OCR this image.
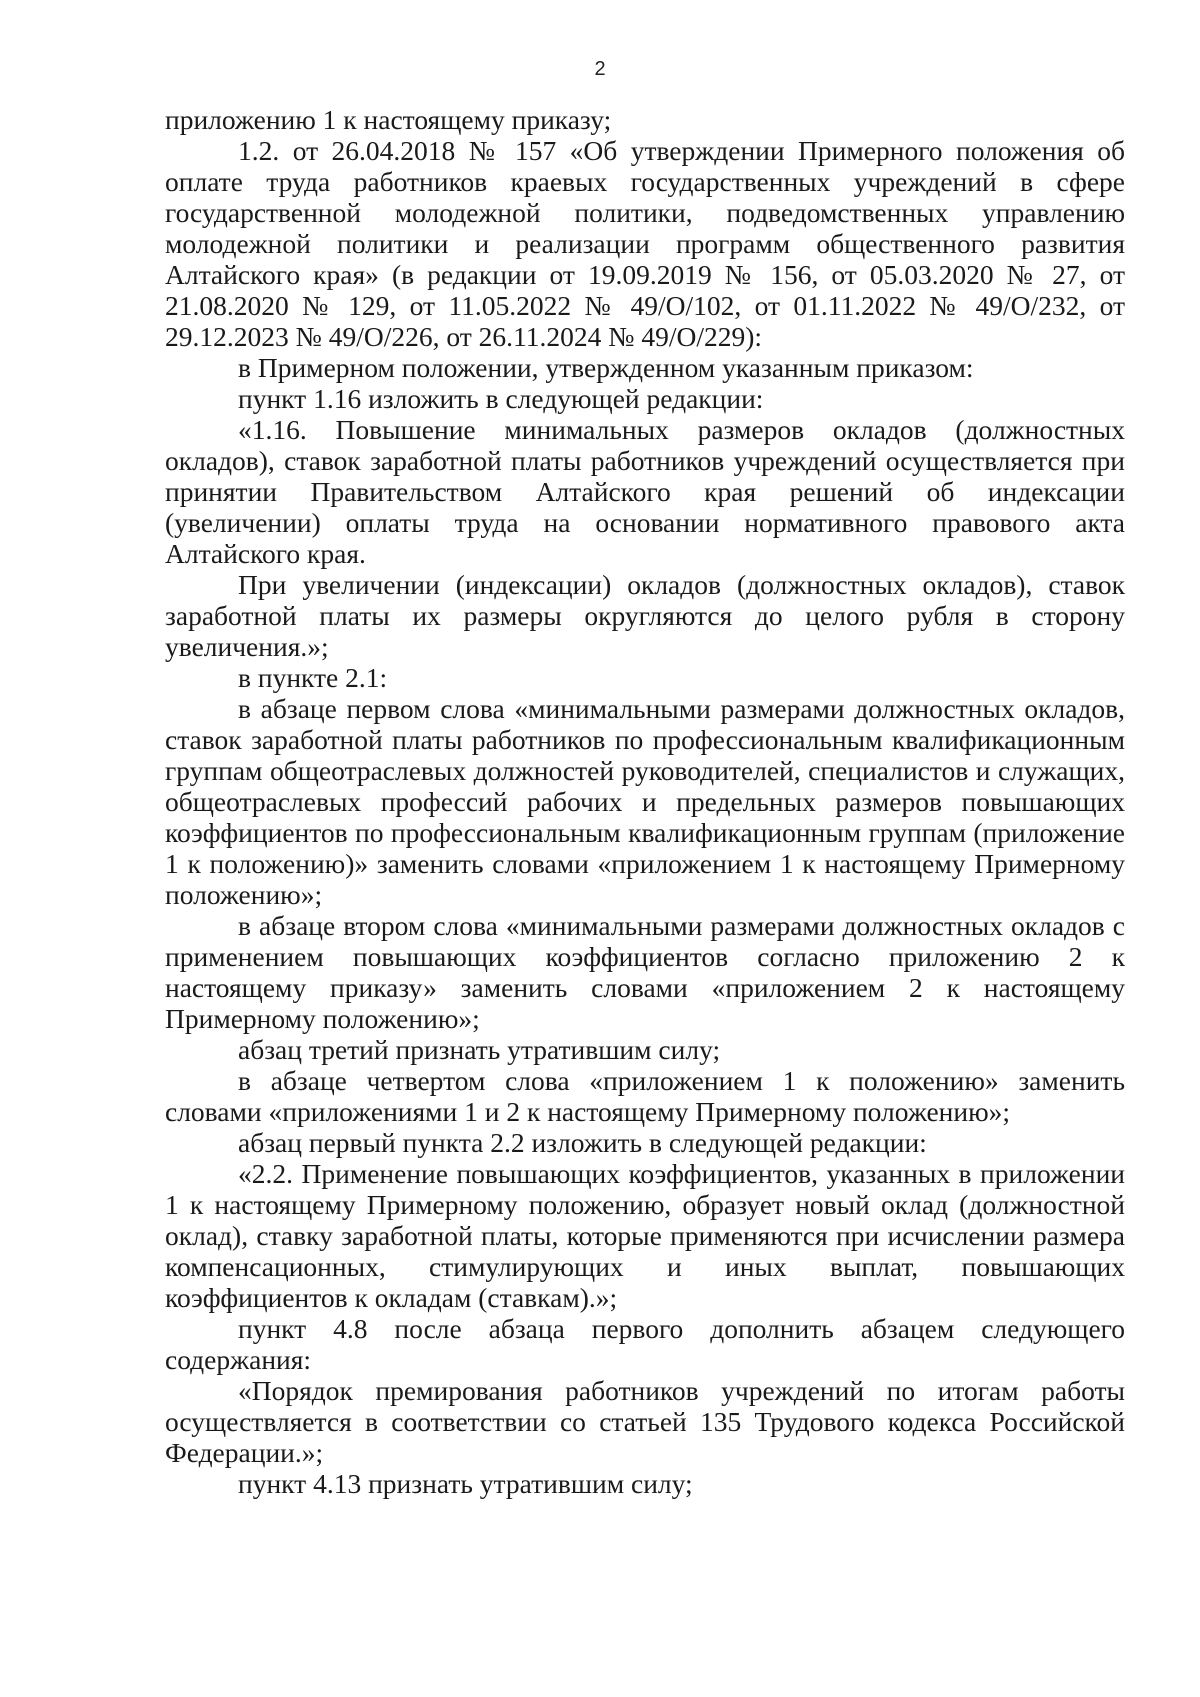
2

приложению 1 к настоящему приказу;

1.2. от 26.04.2018 № 157 «Об утверждении Примерного положения об оплате труда работников краевых государственных учреждений в сфере государственной молодежной политики, подведомственных управлению молодежной политики и реализации программ общественного развития Алтайского края» (в редакции от 19.09.2019 № 156, от 05.03.2020 № 27, от 21.08.2020 № 129, от 11.05.2022 № 49/О/102, от 01.11.2022 № 49/О/232, от 29.12.2023 № 49/О/226, от 26.11.2024 № 49/О/229):

в Примерном положении, утвержденном указанным приказом:

пункт 1.16 изложить в следующей редакции:

«1.16. Повышение минимальных размеров окладов (должностных окладов), ставок заработной платы работников учреждений осуществляется при принятии Правительством Алтайского края решений об индексации (увеличении) оплаты труда на основании нормативного правового акта Алтайского края.

При увеличении (индексации) окладов (должностных окладов), ставок заработной платы их размеры округляются до целого рубля в сторону увеличения.»;

в пункте 2.1:

в абзаце первом слова «минимальными размерами должностных окладов, ставок заработной платы работников по профессиональным квалификационным группам общеотраслевых должностей руководителей, специалистов и служащих, общеотраслевых профессий рабочих и предельных размеров повышающих коэффициентов по профессиональным квалификационным группам (приложение 1 к положению)» заменить словами «приложением 1 к настоящему Примерному положению»;

в абзаце втором слова «минимальными размерами должностных окладов с применением повышающих коэффициентов согласно приложению 2 к настоящему приказу» заменить словами «приложением 2 к настоящему Примерному положению»;

абзац третий признать утратившим силу;

в абзаце четвертом слова «приложением 1 к положению» заменить словами «приложениями 1 и 2 к настоящему Примерному положению»;

абзац первый пункта 2.2 изложить в следующей редакции:

«2.2. Применение повышающих коэффициентов, указанных в приложении 1 к настоящему Примерному положению, образует новый оклад (должностной оклад), ставку заработной платы, которые применяются при исчислении размера компенсационных, стимулирующих и иных выплат, повышающих коэффициентов к окладам (ставкам).»;

пункт 4.8 после абзаца первого дополнить абзацем следующего содержания:

«Порядок премирования работников учреждений по итогам работы осуществляется в соответствии со статьей 135 Трудового кодекса Российской Федерации.»;

пункт 4.13 признать утратившим силу;
